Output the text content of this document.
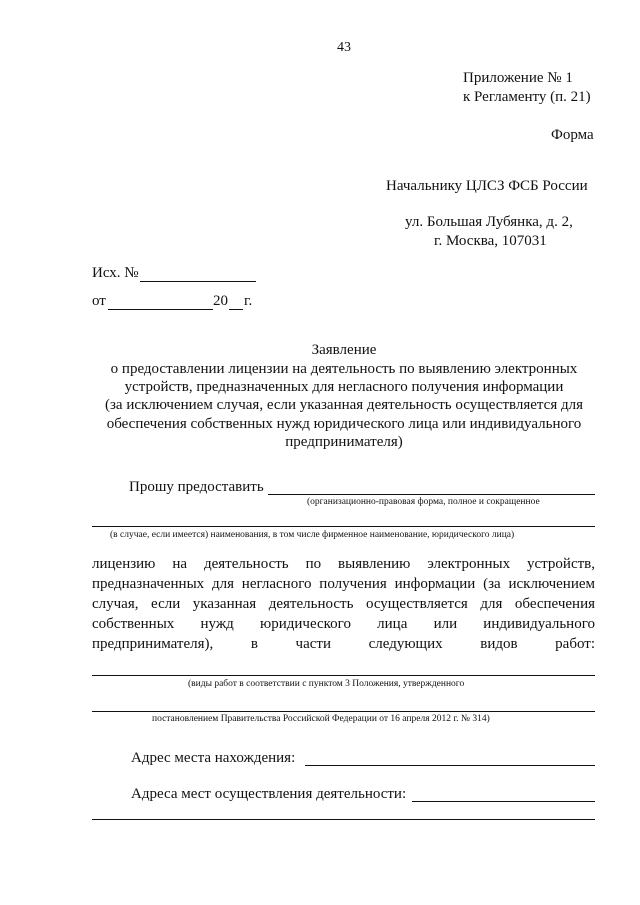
43
Приложение № 1
к Регламенту (п. 21)
Форма
Начальнику ЦЛСЗ ФСБ России
ул. Большая Лубянка, д. 2,
г. Москва, 107031
Исх. №
от	20 г.
Заявление
о предоставлении лицензии на деятельность по выявлению электронных
устройств, предназначенных для негласного получения информации
(за исключением случая, если указанная деятельность осуществляется для
обеспечения собственных нужд юридического лица или индивидуального
предпринимателя)
Прошу предоставить
(организационно-правовая форма, полное и сокращенное
(в случае, если имеется) наименования, в том числе фирменное наименование, юридического лица)
лицензию на деятельность по выявлению электронных устройств,
предназначенных для негласного получения информации (за исключением
случая, если указанная деятельность осуществляется для обеспечения
собственных нужд юридического лица или индивидуального
предпринимателя), в части следующих видов работ:
(виды работ в соответствии с пунктом 3 Положения, утвержденного
постановлением Правительства Российской Федерации от 16 апреля 2012 г. № 314)
Адрес места нахождения:
Адреса мест осуществления деятельности:
